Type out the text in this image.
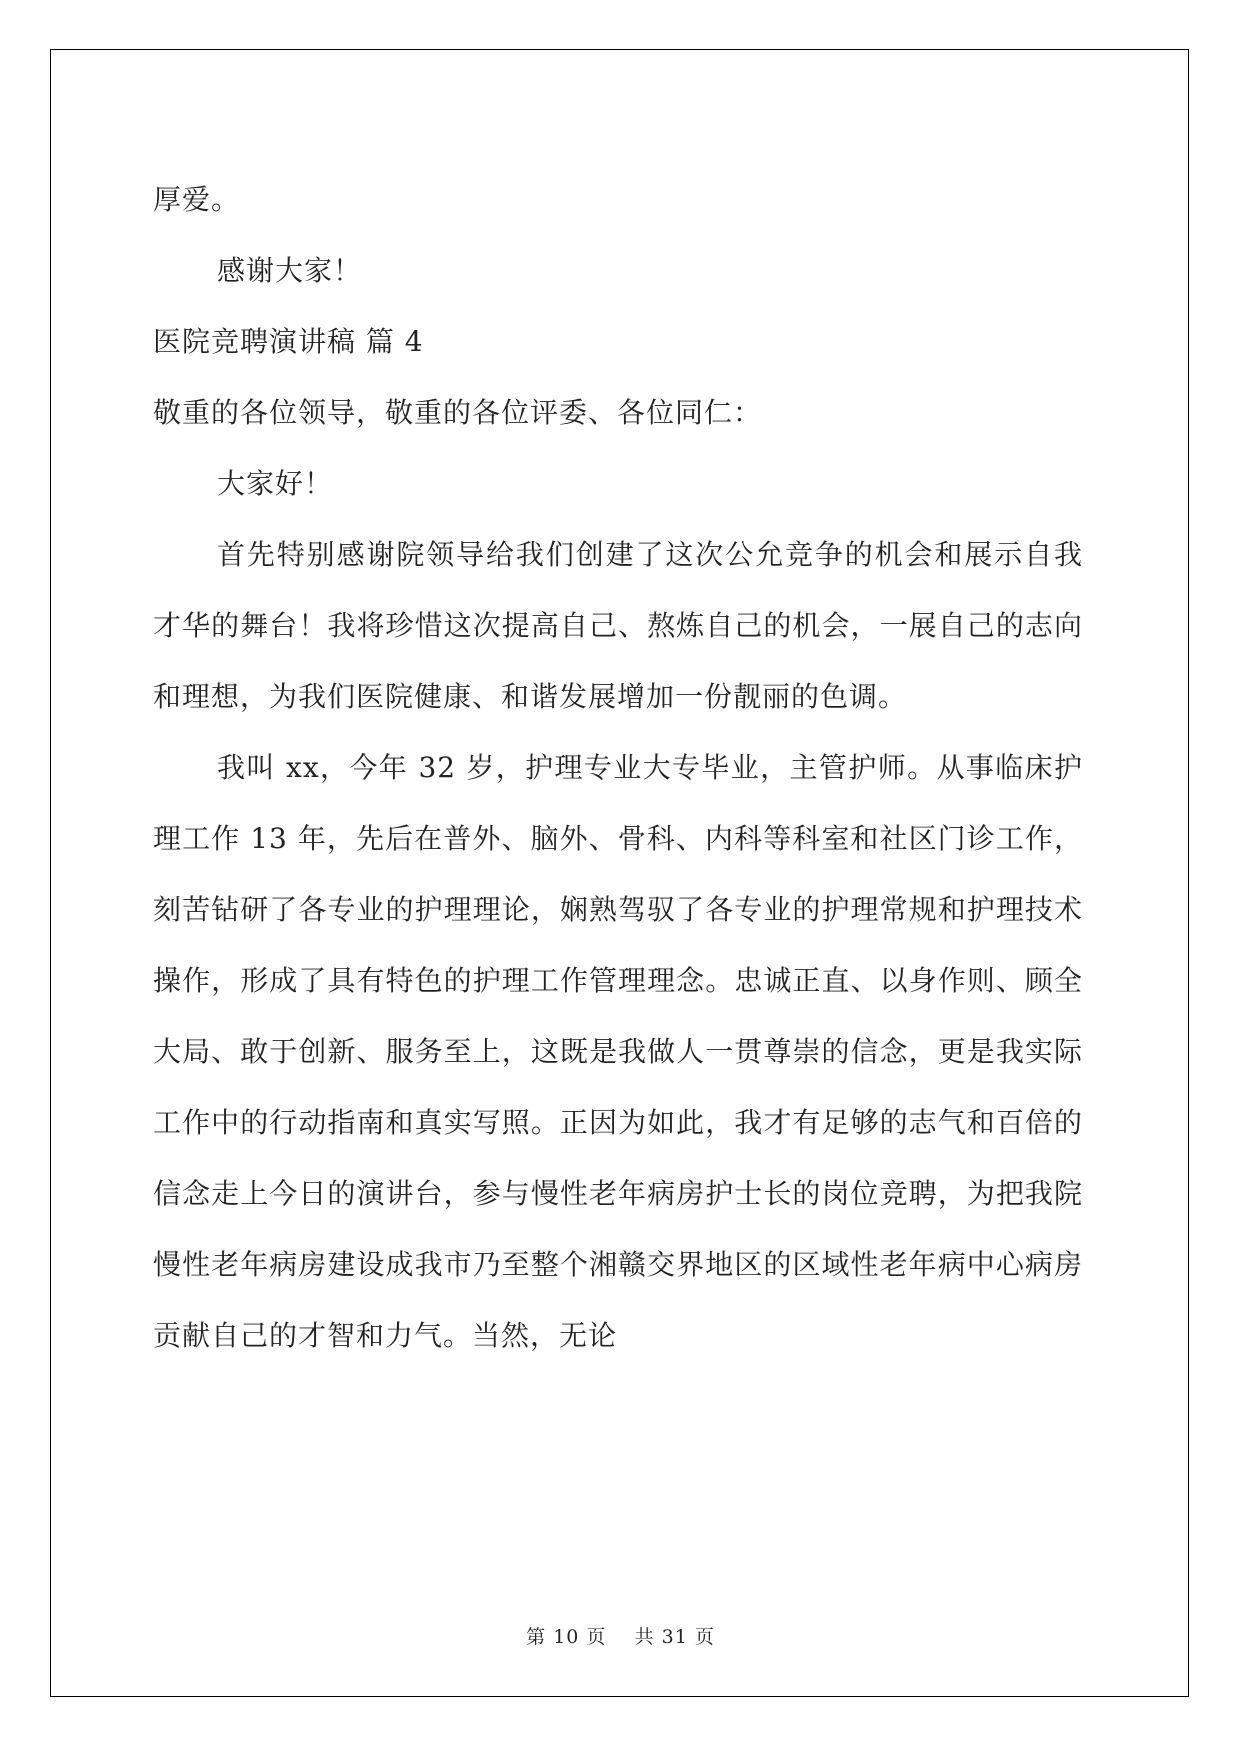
厚爱。

感谢大家！

医院竞聘演讲稿 篇 4

敬重的各位领导，敬重的各位评委、各位同仁：

大家好！

首先特别感谢院领导给我们创建了这次公允竞争的机会和展示自我才华的舞台！我将珍惜这次提高自己、熬炼自己的机会，一展自己的志向和理想，为我们医院健康、和谐发展增加一份靓丽的色调。

我叫 xx，今年 32 岁，护理专业大专毕业，主管护师。从事临床护理工作 13 年，先后在普外、脑外、骨科、内科等科室和社区门诊工作，刻苦钻研了各专业的护理理论，娴熟驾驭了各专业的护理常规和护理技术操作，形成了具有特色的护理工作管理理念。忠诚正直、以身作则、顾全大局、敢于创新、服务至上，这既是我做人一贯尊崇的信念，更是我实际工作中的行动指南和真实写照。正因为如此，我才有足够的志气和百倍的信念走上今日的演讲台，参与慢性老年病房护士长的岗位竞聘，为把我院慢性老年病房建设成我市乃至整个湘赣交界地区的区域性老年病中心病房贡献自己的才智和力气。当然，无论

第 10 页    共 31 页
